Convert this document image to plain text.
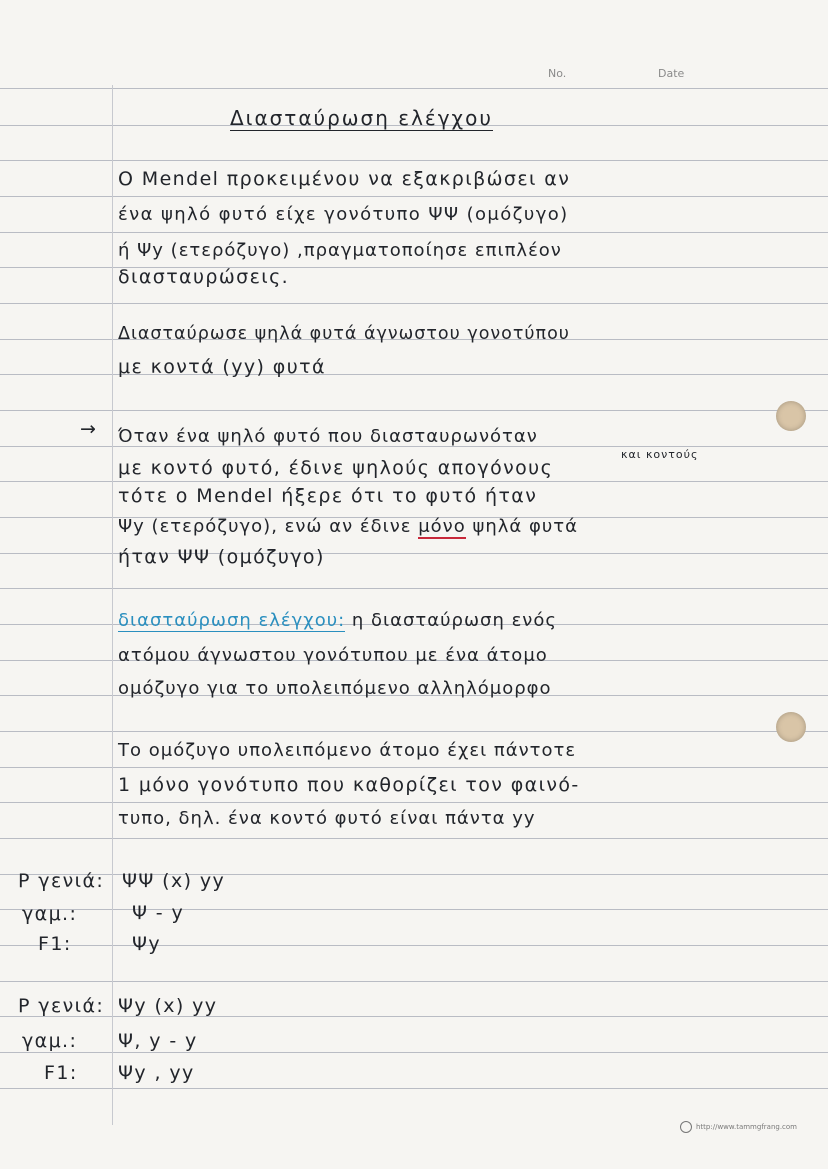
No.	Date
Διασταύρωση ελέγχου
Ο Mendel προκειμένου να εξακριβώσει αν
ένα ψηλό φυτό είχε γονότυπο ΨΨ (ομόζυγο)
ή Ψy (ετερόζυγο) ,πραγματοποίησε επιπλέον
διασταυρώσεις.
Διασταύρωσε ψηλά φυτά άγνωστου γονοτύπου
με κοντά (yy) φυτά
→ Όταν ένα ψηλό φυτό που διασταυρωνόταν
και κοντούς
με κοντό φυτό, έδινε ψηλούς απογόνους
τότε ο Mendel ήξερε ότι το φυτό ήταν
Ψy (ετερόζυγο), ενώ αν έδινε μόνο ψηλά φυτά
ήταν ΨΨ (ομόζυγο)
διασταύρωση ελέγχου: η διασταύρωση ενός
ατόμου άγνωστου γονότυπου με ένα άτομο
ομόζυγο για το υπολειπόμενο αλληλόμορφο
Το ομόζυγο υπολειπόμενο άτομο έχει πάντοτε
1 μόνο γονότυπο που καθορίζει τον φαινό-
τυπο, δηλ. ένα κοντό φυτό είναι πάντα yy
Ρ γενιά: ΨΨ (x) yy
γαμ.:	Ψ - y
F1:	Ψy
Ρ γενιά: Ψy (x) yy
γαμ.: Ψ, y - y
F1: Ψy , yy
http://www.tammgfrang.com
